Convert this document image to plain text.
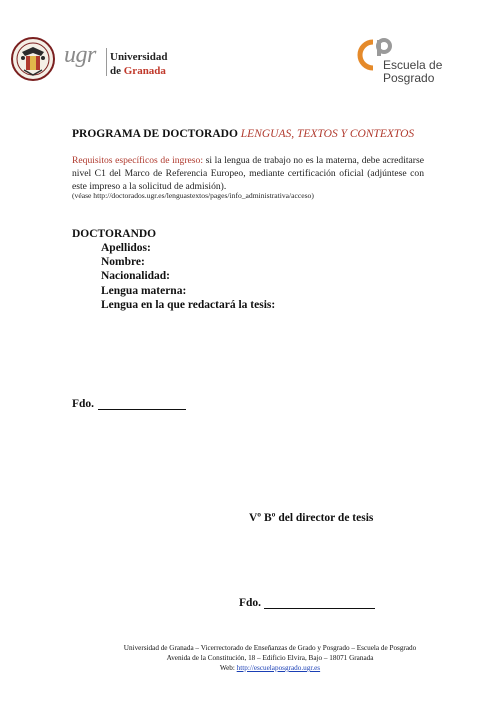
ugr Universidad
de Granada	Escuela de
Posgrado
PROGRAMA DE DOCTORADO LENGUAS, TEXTOS Y CONTEXTOS
Requisitos específicos de ingreso: si la lengua de trabajo no es la materna, debe acreditarse nivel C1 del Marco de Referencia Europeo, mediante certificación oficial (adjúntese con este impreso a la solicitud de admisión).
(véase http://doctorados.ugr.es/lenguastextos/pages/info_administrativa/acceso)
DOCTORANDO
Apellidos:
Nombre:
Nacionalidad:
Lengua materna:
Lengua en la que redactará la tesis:
Fdo.
Vº Bº del director de tesis
Fdo.
Universidad de Granada – Vicerrectorado de Enseñanzas de Grado y Posgrado – Escuela de Posgrado
Avenida de la Constitución, 18 – Edificio Elvira, Bajo – 18071 Granada
Web: http://escuelaposgrado.ugr.es
